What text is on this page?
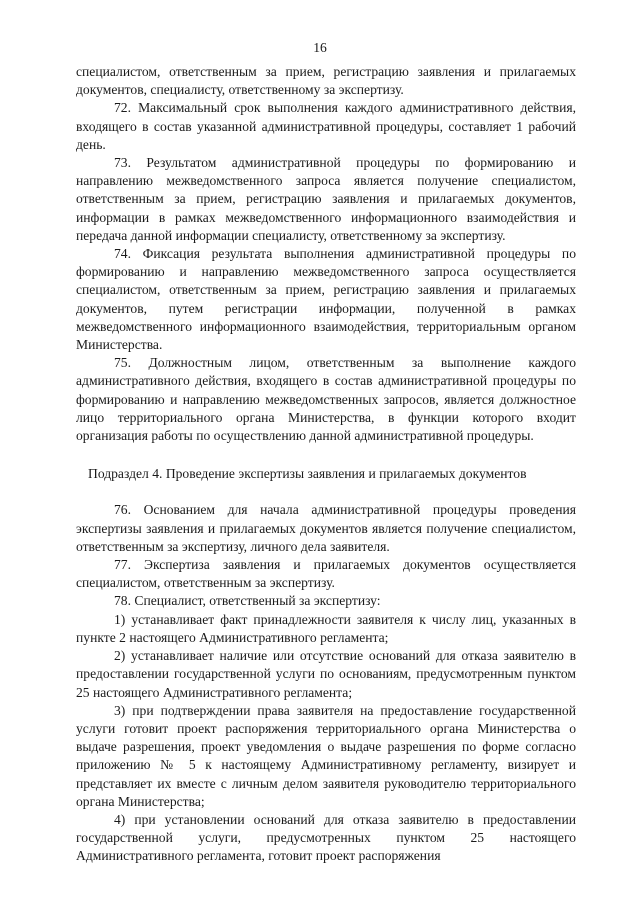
16

специалистом, ответственным за прием, регистрацию заявления и прилагаемых документов, специалисту, ответственному за экспертизу.

72. Максимальный срок выполнения каждого административного действия, входящего в состав указанной административной процедуры, составляет 1 рабочий день.

73. Результатом административной процедуры по формированию и направлению межведомственного запроса является получение специалистом, ответственным за прием, регистрацию заявления и прилагаемых документов, информации в рамках межведомственного информационного взаимодействия и передача данной информации специалисту, ответственному за экспертизу.

74. Фиксация результата выполнения административной процедуры по формированию и направлению межведомственного запроса осуществляется специалистом, ответственным за прием, регистрацию заявления и прилагаемых документов, путем регистрации информации, полученной в рамках межведомственного информационного взаимодействия, территориальным органом Министерства.

75. Должностным лицом, ответственным за выполнение каждого административного действия, входящего в состав административной процедуры по формированию и направлению межведомственных запросов, является должностное лицо территориального органа Министерства, в функции которого входит организация работы по осуществлению данной административной процедуры.

Подраздел 4. Проведение экспертизы заявления и прилагаемых документов

76. Основанием для начала административной процедуры проведения экспертизы заявления и прилагаемых документов является получение специалистом, ответственным за экспертизу, личного дела заявителя.

77. Экспертиза заявления и прилагаемых документов осуществляется специалистом, ответственным за экспертизу.

78. Специалист, ответственный за экспертизу:

1) устанавливает факт принадлежности заявителя к числу лиц, указанных в пункте 2 настоящего Административного регламента;

2) устанавливает наличие или отсутствие оснований для отказа заявителю в предоставлении государственной услуги по основаниям, предусмотренным пунктом 25 настоящего Административного регламента;

3) при подтверждении права заявителя на предоставление государственной услуги готовит проект распоряжения территориального органа Министерства о выдаче разрешения, проект уведомления о выдаче разрешения по форме согласно приложению № 5 к настоящему Административному регламенту, визирует и представляет их вместе с личным делом заявителя руководителю территориального органа Министерства;

4) при установлении оснований для отказа заявителю в предоставлении государственной услуги, предусмотренных пунктом 25 настоящего Административного регламента, готовит проект распоряжения
